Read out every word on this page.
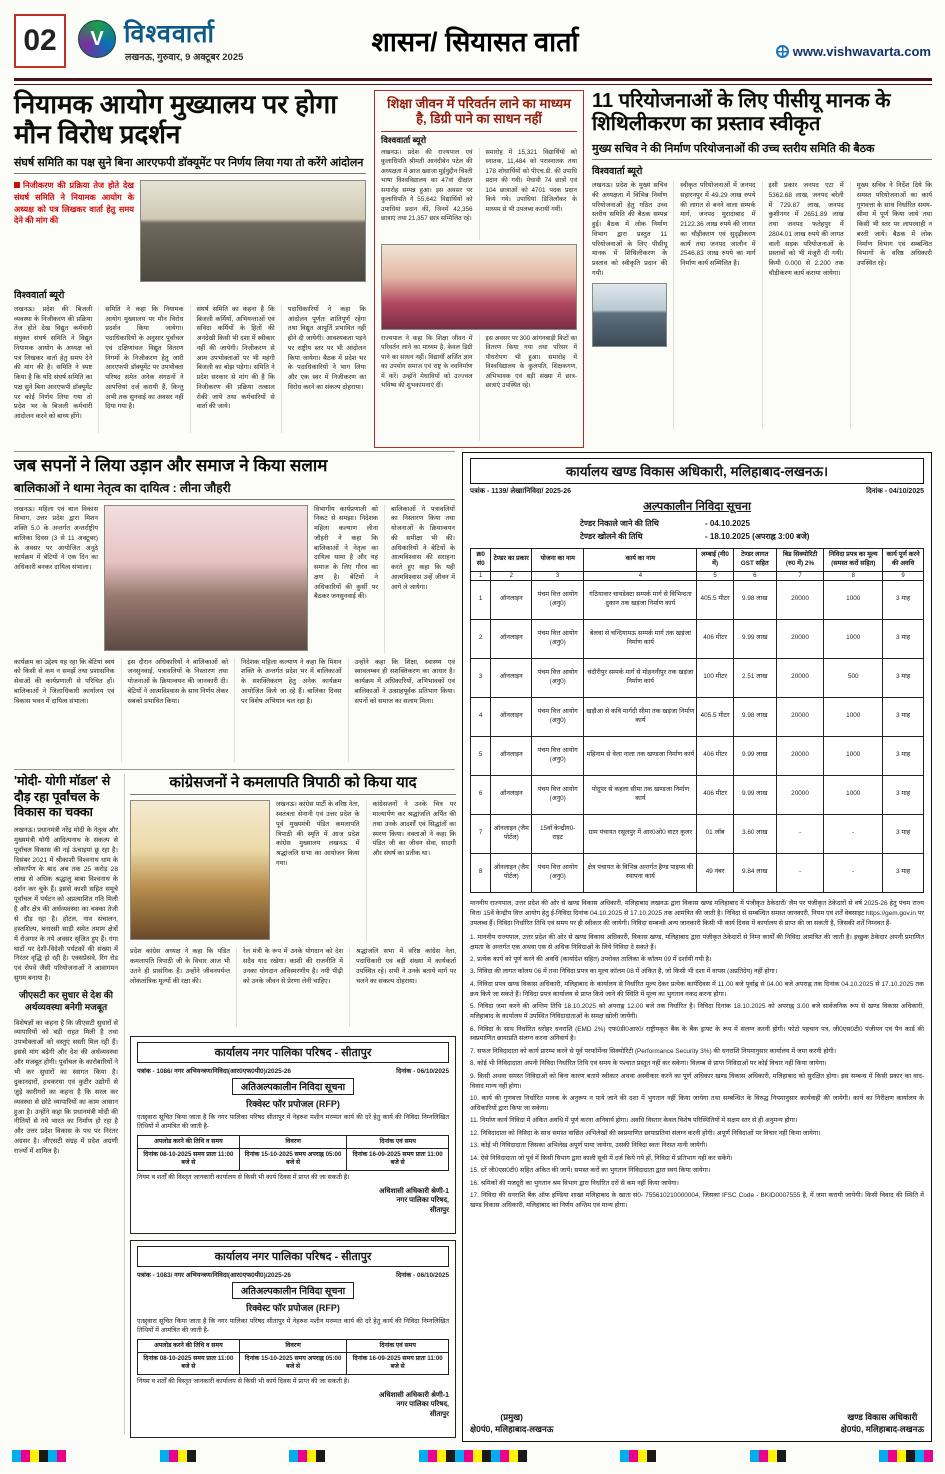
02 V विश्ववार्ता
लखनऊ, गुरुवार, 9 अक्टूबर 2025
शासन/ सियासत वार्ता	www.vishwavarta.com
नियामक आयोग मुख्यालय पर होगा मौन विरोध प्रदर्शन
संघर्ष समिति का पक्ष सुने बिना आरएफपी डॉक्यूमेंट पर निर्णय लिया गया तो करेंगे आंदोलन
निजीकरण की प्रक्रिया तेज होते देख संघर्ष समिति ने नियामक आयोग के अध्यक्ष को पत्र लिखकर वार्ता हेतु समय देने की मांग की
विश्ववार्ता ब्यूरो
लखनऊ। प्रदेश की बिजली व्यवस्था के निजीकरण की प्रक्रिया तेज होते देख विद्युत कर्मचारी संयुक्त संघर्ष समिति ने विद्युत नियामक आयोग के अध्यक्ष को पत्र लिखकर वार्ता हेतु समय देने की मांग की है। समिति ने स्पष्ट किया है कि यदि संघर्ष समिति का पक्ष सुने बिना आरएफपी डॉक्यूमेंट पर कोई निर्णय लिया गया तो प्रदेश भर के बिजली कर्मचारी आंदोलन करने को बाध्य होंगे।
समिति ने कहा कि नियामक आयोग मुख्यालय पर मौन विरोध प्रदर्शन किया जायेगा। पदाधिकारियों के अनुसार पूर्वांचल एवं दक्षिणांचल विद्युत वितरण निगमों के निजीकरण हेतु जारी आरएफपी डॉक्यूमेंट पर उपभोक्ता परिषद समेत अनेक संगठनों ने आपत्तियां दर्ज करायी हैं, किन्तु अभी तक सुनवाई का अवसर नहीं दिया गया है।
संघर्ष समिति का कहना है कि बिजली कर्मियों, अभियन्ताओं एवं संविदा कर्मियों के हितों की अनदेखी किसी भी दशा में स्वीकार नहीं की जायेगी। निजीकरण से आम उपभोक्ताओं पर भी महंगी बिजली का बोझ पड़ेगा। समिति ने प्रदेश सरकार से मांग की है कि निजीकरण की प्रक्रिया तत्काल रोकी जाये तथा कर्मचारियों से वार्ता की जाये।
पदाधिकारियों ने कहा कि आंदोलन पूर्णतः शांतिपूर्ण रहेगा तथा विद्युत आपूर्ति प्रभावित नहीं होने दी जायेगी। आवश्यकता पड़ने पर राष्ट्रीय स्तर पर भी आंदोलन किया जायेगा। बैठक में प्रदेश भर के पदाधिकारियों ने भाग लिया और एक स्वर में निजीकरण का विरोध करने का संकल्प दोहराया।
शिक्षा जीवन में परिवर्तन लाने का माध्यम है, डिग्री पाने का साधन नहीं
विश्ववार्ता ब्यूरो
लखनऊ। प्रदेश की राज्यपाल एवं कुलाधिपति श्रीमती आनंदीबेन पटेल की अध्यक्षता में आज ख्वाजा मुईनुद्दीन चिश्ती भाषा विश्वविद्यालय का 47वां दीक्षांत समारोह सम्पन्न हुआ। इस अवसर पर कुलाधिपति ने 55,642 विद्यार्थियों को उपाधियां प्रदान कीं, जिनमें 42,356 छात्राएं तथा 21,357 छात्र सम्मिलित रहे।
समारोह में 15,321 विद्यार्थियों को स्नातक, 11,484 को परास्नातक तथा 178 शोधार्थियों को पीएच.डी. की उपाधि प्रदान की गयी। मेधावी 74 छात्रों एवं 104 छात्राओं को 4701 पदक प्रदान किये गये। उपाधियां डिजिलॉकर के माध्यम से भी उपलब्ध करायी गयीं।
राज्यपाल ने कहा कि शिक्षा जीवन में परिवर्तन लाने का माध्यम है, केवल डिग्री पाने का साधन नहीं। विद्यार्थी अर्जित ज्ञान का उपयोग समाज एवं राष्ट्र के नवनिर्माण में करें। उन्होंने मेधावियों को उज्ज्वल भविष्य की शुभकामनाएं दीं।
इस अवसर पर 300 आंगनबाड़ी किटों का वितरण किया गया तथा परिसर में पौधरोपण भी हुआ। समारोह में विश्वविद्यालय के कुलपति, शिक्षकगण, अभिभावक एवं बड़ी संख्या में छात्र-छात्राएं उपस्थित रहे।
11 परियोजनाओं के लिए पीसीयू मानक के शिथिलीकरण का प्रस्ताव स्वीकृत
मुख्य सचिव ने की निर्माण परियोजनाओं की उच्च स्तरीय समिति की बैठक
विश्ववार्ता ब्यूरो
लखनऊ। प्रदेश के मुख्य सचिव की अध्यक्षता में विभिन्न निर्माण परियोजनाओं हेतु गठित उच्च स्तरीय समिति की बैठक सम्पन्न हुई। बैठक में लोक निर्माण विभाग द्वारा प्रस्तुत 11 परियोजनाओं के लिए पीसीयू मानक में शिथिलीकरण के प्रस्ताव को स्वीकृति प्रदान की गयी।
स्वीकृत परियोजनाओं में जनपद सहारनपुर में 49.29 लाख रुपये की लागत से बनने वाला सम्पर्क मार्ग, जनपद मुरादाबाद में 2122.36 लाख रुपये की लागत का चौड़ीकरण एवं सुदृढ़ीकरण कार्य तथा जनपद जालौन में 2546.83 लाख रुपये का मार्ग निर्माण कार्य सम्मिलित है।
इसी प्रकार जनपद एटा में 5362.68 लाख, जनपद बरेली में 729.87 लाख, जनपद कुशीनगर में 2651.89 लाख तथा जनपद फतेहपुर में 2804.01 लाख रुपये की लागत वाली सड़क परियोजनाओं के प्रस्तावों को भी मंजूरी दी गयी। किमी 0.000 से 2.200 तक चौड़ीकरण कार्य कराया जायेगा।
मुख्य सचिव ने निर्देश दिये कि समस्त परियोजनाओं का कार्य गुणवत्ता के साथ निर्धारित समय-सीमा में पूर्ण किया जाये तथा किसी भी स्तर पर लापरवाही न बरती जाये। बैठक में लोक निर्माण विभाग एवं सम्बन्धित विभागों के वरिष्ठ अधिकारी उपस्थित रहे।
जब सपनों ने लिया उड़ान और समाज ने किया सलाम
बालिकाओं ने थामा नेतृत्व का दायित्व : लीना जौहरी
लखनऊ। महिला एवं बाल विकास विभाग, उत्तर प्रदेश द्वारा मिशन शक्ति 5.0 के अन्तर्गत अन्तर्राष्ट्रीय बालिका दिवस (3 से 11 अक्टूबर) के अवसर पर आयोजित अनूठे कार्यक्रम में बेटियों ने एक दिन का अधिकारी बनकर दायित्व संभाला।
विभागीय कार्यप्रणाली को निकट से समझा। निदेशक महिला कल्याण लीना जौहरी ने कहा कि बालिकाओं ने नेतृत्व का दायित्व थामा है और यह समाज के लिए गौरव का क्षण है। बेटियों ने अधिकारियों की कुर्सी पर बैठकर जनसुनवाई की।
बालिकाओं ने पत्रावलियों का निस्तारण किया तथा योजनाओं के क्रियान्वयन की समीक्षा भी की। अधिकारियों ने बेटियों के आत्मविश्वास की सराहना करते हुए कहा कि यही आत्मविश्वास उन्हें जीवन में आगे ले जायेगा।
कार्यक्रम का उद्देश्य यह रहा कि बेटियां स्वयं को किसी से कम न समझें तथा प्रशासनिक सेवाओं की कार्यप्रणाली से परिचित हों। बालिकाओं ने जिलाधिकारी कार्यालय एवं विकास भवन में दायित्व संभाला।
इस दौरान अधिकारियों ने बालिकाओं को जनसुनवाई, पत्रावलियों के निस्तारण तथा योजनाओं के क्रियान्वयन की जानकारी दी। बेटियों ने आत्मविश्वास के साथ निर्णय लेकर सबको प्रभावित किया।
निदेशक महिला कल्याण ने कहा कि मिशन शक्ति के अन्तर्गत प्रदेश भर में बालिकाओं के सशक्तिकरण हेतु अनेक कार्यक्रम आयोजित किये जा रहे हैं। बालिका दिवस पर विशेष अभियान चल रहा है।
उन्होंने कहा कि शिक्षा, स्वास्थ्य एवं स्वावलम्बन ही सशक्तिकरण का आधार है। कार्यक्रम में अधिकारियों, अभिभावकों एवं बालिकाओं ने उत्साहपूर्वक प्रतिभाग किया। सपनों को समाज का सलाम मिला।
'मोदी- योगी मॉडल' से दौड़ रहा पूर्वांचल के विकास का चक्का
लखनऊ। प्रधानमंत्री नरेंद्र मोदी के नेतृत्व और मुख्यमंत्री योगी आदित्यनाथ के संकल्प से पूर्वांचल विकास की नई ऊंचाइयां छू रहा है। दिसंबर 2021 में श्रीकाशी विश्वनाथ धाम के लोकार्पण के बाद अब तक 25 करोड़ 28 लाख से अधिक श्रद्धालु बाबा विश्वनाथ के दर्शन कर चुके हैं। इससे काशी सहित समूचे पूर्वांचल में पर्यटन को अप्रत्याशित गति मिली है और क्षेत्र की अर्थव्यवस्था का चक्का तेजी से दौड़ रहा है। होटल, नाव संचालन, हस्तशिल्प, बनारसी साड़ी समेत तमाम क्षेत्रों में रोजगार के नये अवसर सृजित हुए हैं। गंगा घाटों पर देशी-विदेशी पर्यटकों की संख्या में निरंतर वृद्धि हो रही है। एक्सप्रेसवे, रिंग रोड एवं रोपवे जैसी परियोजनाओं ने आवागमन सुगम बनाया है।
जीएसटी कर सुधार से देश की अर्थव्यवस्था बनेगी मजबूत
विशेषज्ञों का कहना है कि जीएसटी सुधारों से व्यापारियों को बड़ी राहत मिली है तथा उपभोक्ताओं को वस्तुएं सस्ती मिल रही हैं। इससे मांग बढ़ेगी और देश की अर्थव्यवस्था और मजबूत होगी। पूर्वांचल के कारोबारियों ने भी कर सुधारों का स्वागत किया है। दुकानदारों, हथकरघा एवं कुटीर उद्योगों से जुड़े कारीगरों का कहना है कि सरल कर व्यवस्था से छोटे व्यापारियों का काम आसान हुआ है। उन्होंने कहा कि प्रधानमंत्री मोदी की नीतियों से नये भारत का निर्माण हो रहा है और उत्तर प्रदेश विकास के पथ पर निरंतर अग्रसर है। जीएसटी संग्रह में प्रदेश अग्रणी राज्यों में शामिल है।
कांग्रेसजनों ने कमलापति त्रिपाठी को किया याद
लखनऊ। कांग्रेस पार्टी के वरिष्ठ नेता, स्वतंत्रता सेनानी एवं उत्तर प्रदेश के पूर्व मुख्यमंत्री पंडित कमलापति त्रिपाठी की स्मृति में आज प्रदेश कांग्रेस मुख्यालय लखनऊ में श्रद्धांजलि सभा का आयोजन किया गया।
कांग्रेसजनों ने उनके चित्र पर माल्यार्पण कर श्रद्धांजलि अर्पित की तथा उनके आदर्शों एवं सिद्धांतों का स्मरण किया। वक्ताओं ने कहा कि पंडित जी का जीवन सेवा, सादगी और संघर्ष का प्रतीक था।
प्रदेश कांग्रेस अध्यक्ष ने कहा कि पंडित कमलापति त्रिपाठी जी के विचार आज भी उतने ही प्रासंगिक हैं। उन्होंने जीवनपर्यन्त लोकतांत्रिक मूल्यों की रक्षा की।
रेल मंत्री के रूप में उनके योगदान को देश सदैव याद रखेगा। काशी की राजनीति में उनका योगदान अविस्मरणीय है। नयी पीढ़ी को उनके जीवन से प्रेरणा लेनी चाहिए।
श्रद्धांजलि सभा में वरिष्ठ कांग्रेस नेता, पदाधिकारी एवं बड़ी संख्या में कार्यकर्ता उपस्थित रहे। सभी ने उनके बताये मार्ग पर चलने का संकल्प दोहराया।
कार्यालय नगर पालिका परिषद - सीतापुर
पत्रांक - 1086/ नगर अभियन्त्रण/निविदा(आर0एफ0पी0)/2025-26	दिनांक - 06/10/2025
अतिअल्पकालीन निविदा सूचना
रिक्वेस्ट फॉर प्रपोजल (RFP)
एतद्द्वारा सूचित किया जाता है कि नगर पालिका परिषद सीतापुर में नेहरुश मशीन मरम्मत कार्य की दरें हेतु कार्य की निविदा निम्नलिखित तिथियों में आमंत्रित की जाती है-
अपलोड करने की तिथि व समय	विवरण	दिनांक एवं समय
दिनांक 08-10-2025 समय प्रातः 11:00 बजे से	दिनांक 15-10-2025 समय अपराह्न 05:00 बजे से	दिनांक 16-09-2025 समय प्रातः 11:00 बजे से
नियम व शर्तों की विस्तृत जानकारी कार्यालय से किसी भी कार्य दिवस में प्राप्त की जा सकती है।
अधिशासी अधिकारी श्रेणी-1
नगर पालिका परिषद,
सीतापुर
कार्यालय नगर पालिका परिषद - सीतापुर
पत्रांक - 1083/ नगर अभियन्त्रण/निविदा(आर0एफ0पी0)/2025-26	दिनांक - 06/10/2025
अतिअल्पकालीन निविदा सूचना
रिक्वेस्ट फॉर प्रपोजल (RFP)
एतद्द्वारा सूचित किया जाता है कि नगर पालिका परिषद सीतापुर में नेहरुश मशीन मरम्मत कार्य की दरें हेतु कार्य की निविदा निम्नलिखित तिथियों में आमंत्रित की जाती है-
अपलोड करने की तिथि व समय	विवरण	दिनांक एवं समय
दिनांक 08-10-2025 समय प्रातः 11:00 बजे से	दिनांक 15-10-2025 समय अपराह्न 05:00 बजे से	दिनांक 16-09-2025 समय प्रातः 11:00 बजे से
नियम व शर्तों की विस्तृत जानकारी कार्यालय से किसी भी कार्य दिवस में प्राप्त की जा सकती है।
अधिशासी अधिकारी श्रेणी-1
नगर पालिका परिषद,
सीतापुर
कार्यालय खण्ड विकास अधिकारी, मलिहाबाद-लखनऊ।
पत्रांक - 1139/ लेखा/निविदा/ 2025-26	दिनांक - 04/10/2025
अल्पकालीन निविदा सूचना
टेण्डर निकाले जाने की तिथि	- 04.10.2025
टेण्डर खोलने की तिथि	- 18.10.2025 (अपराह्न 3:00 बजे)
क्र0 सं0	टेण्डर का प्रकार	योजना का नाम	कार्य का नाम	लम्बाई (मी0 में)	टेण्डर लागत GST सहित	बिड सिक्योरिटी (रु0 में) 2%	निविदा प्रपत्र का मूल्य (समस्त करों सहित)	कार्य पूर्ण करने की अवधि
1	2	3	4	5	6	7	8	9
1	ऑनलाइन	पंचम वित्त आयोग (अनु0)	गंठियावार चायडेक्टा सम्पर्क मार्ग से विभिन्दता दुकान तक खड़ंजा निर्माण कार्य	405.5 मीटर	9.98 लाख	20000	1000	3 माह
2	ऑनलाइन	पंचम वित्त आयोग (अनु0)	बेलवा से चन्दियामऊ सम्पर्क मार्ग तक खड़ंजा निर्माण कार्य	406 मीटर	9.99 लाख	20000	1000	3 माह
3	ऑनलाइन	पंचम वित्त आयोग (अनु0)	चंदौरीपुर सम्पर्क मार्ग से मोहननीपुर तक खड़ंजा निर्माण कार्य	100 मीटर	2.51 लाख	20000	500	3 माह
4	ऑनलाइन	पंचम वित्त आयोग (अनु0)	खड़ौआ से कवि मार्गदी सीमा तक खड़ंजा निर्माण कार्य	405.5 मीटर	9.98 लाख	20000	1000	3 माह
5	ऑनलाइन	पंचम वित्त आयोग (अनु0)	महिनाम से वेला नाला तक खण्डजा निर्माण कार्य	406 मीटर	9.99 लाख	20000	1000	3 माह
6	ऑनलाइन	पंचम वित्त आयोग (अनु0)	पोदूपर से कहला सीमा तक खण्डजा निर्माण कार्य	406 मीटर	9.99 लाख	20000	1000	3 माह
7	ऑनलाइन (जैम पोर्टल)	15वाँ केन्द्रीय0- राइट	ग्राम पंचायत रसूलपुर में आर0ओ0 वाटर कूलर	01 जॉब	3.60 लाख	-	-	3 माह
8	ऑनलाइन (जैम पोर्टल)	पंचम वित्त आयोग (अनु0)	क्षेत्र पंचायत के विभिन्न अन्तर्गत हैण्ड पाइप्स की स्थापना कार्य	49 नंबर	9.84 लाख	-	-	3 माह

माननीय राज्यपाल, उत्तर प्रदेश की ओर से खण्ड विकास अधिकारी, मलिहाबाद लखनऊ द्वारा विकास खण्ड मलिहाबाद में पंजीकृत ठेकेदारों/ जैम पर पंजीकृत ठेकेदारों से वर्ष 2025-26 हेतु पंचम राज्य वित्त/ 15वें केन्द्रीय वित्त आयोग हेतु ई-निविदा दिनांक 04.10.2025 से 17.10.2025 तक आमंत्रित की जाती है। निविदा से सम्बन्धित समस्त जानकारी, नियम एवं शर्तें वेबसाइट https://gem.gov.in पर उपलब्ध हैं। निविदा निर्धारित तिथि एवं समय पर ही स्वीकार की जायेगी। निविदा सम्बन्धी अन्य जानकारी किसी भी कार्य दिवस में कार्यालय से प्राप्त की जा सकती है, जिसकी शर्तें निम्नवत हैं-

1. माननीय राज्यपाल, उत्तर प्रदेश की ओर से खण्ड विकास अधिकारी, विकास खण्ड, मलिहाबाद द्वारा पंजीकृत ठेकेदारों से निम्न कार्यों की निविदा आमंत्रित की जाती है। इच्छुक ठेकेदार अपनी प्रमाणित क्षमता के अन्तर्गत एक अथवा एक से अधिक निविदाओं के लिये निविदा दे सकते हैं।

2. प्रत्येक कार्य को पूर्ण करने की अवधि (कार्यादेश सहित) उपरोक्त तालिका के कॉलम 09 में दर्शायी गयी है।

3. निविदा की लागत कॉलम 06 में तथा निविदा प्रपत्र का मूल्य कॉलम 08 में अंकित है, जो किसी भी दशा में वापस (अप्रतिदेय) नहीं होगा।

4. निविदा प्रपत्र खण्ड विकास अधिकारी, मलिहाबाद के कार्यालय से निर्धारित मूल्य देकर प्रत्येक कार्यदिवस में 11.00 बजे पूर्वाह्न से 04.00 बजे अपराह्न तक दिनांक 04.10.2025 से 17.10.2025 तक क्रय किये जा सकते हैं। निविदा प्रपत्र कार्यालय से प्राप्त किये जाने की स्थिति में मूल्य का भुगतान नकद करना होगा।

5. निविदा जमा करने की अन्तिम तिथि 18.10.2025 को अपराह्न 12.00 बजे तक निर्धारित है। निविदा दिनांक 18.10.2025 को अपराह्न 3.00 बजे सार्वजनिक रूप से खण्ड विकास अधिकारी, मलिहाबाद के कार्यालय में उपस्थित निविदादाताओं के समक्ष खोली जायेंगी।

6. निविदा के साथ निर्धारित धरोहर धनराशि (EMD 2%) एफ0डी0आर0/ राष्ट्रीयकृत बैंक के बैंक ड्राफ्ट के रूप में संलग्न करनी होगी। फोटो पहचान पत्र, जी0एस0टी0 पंजीयन एवं पैन कार्ड की स्वप्रमाणित छायाप्रति संलग्न करना अनिवार्य है।

7. सफल निविदादाता को कार्य प्रारम्भ करने से पूर्व परफॉर्मेन्स सिक्योरिटी (Performance Security 3%) की धनराशि नियमानुसार कार्यालय में जमा करनी होगी।

8. कोई भी निविदादाता अपनी निविदा निर्धारित तिथि एवं समय के पश्चात प्रस्तुत नहीं कर सकेगा। विलम्ब से प्राप्त निविदाओं पर कोई विचार नहीं किया जायेगा।

9. किसी अथवा समस्त निविदाओं को बिना कारण बताये स्वीकार अथवा अस्वीकार करने का पूर्ण अधिकार खण्ड विकास अधिकारी, मलिहाबाद को सुरक्षित होगा। इस सम्बन्ध में किसी प्रकार का वाद-विवाद मान्य नहीं होगा।

10. कार्य की गुणवत्ता निर्धारित मानक के अनुरूप न पाये जाने की दशा में भुगतान नहीं किया जायेगा तथा सम्बन्धित के विरुद्ध नियमानुसार कार्यवाही की जायेगी। कार्य का निरीक्षण कार्यालय के अधिकारियों द्वारा किया जा सकेगा।

11. निर्माण कार्य निविदा में अंकित अवधि में पूर्ण करना अनिवार्य होगा। अवधि विस्तार केवल विशेष परिस्थितियों में सक्षम स्तर से ही अनुमन्य होगा।

12. निविदादाता को निविदा के साथ समस्त वांछित अभिलेखों की स्वप्रमाणित छायाप्रतियां संलग्न करनी होंगी। अपूर्ण निविदाओं पर विचार नहीं किया जायेगा।

13. कोई भी निविदादाता जिसका अभिलेख अपूर्ण पाया जायेगा, उसकी निविदा स्वतः निरस्त मानी जायेगी।

14. ऐसे निविदादाता जो पूर्व में किसी विभाग द्वारा काली सूची में दर्ज किये गये हों, निविदा में प्रतिभाग नहीं कर सकेंगे।

15. दरें जी0एस0टी0 सहित अंकित की जायें। समस्त करों का भुगतान निविदादाता द्वारा स्वयं किया जायेगा।

16. श्रमिकों की मजदूरी का भुगतान श्रम विभाग द्वारा निर्धारित दरों से कम नहीं किया जायेगा।

17. निविदा की धनराशि बैंक ऑफ इण्डिया शाखा मलिहाबाद के खाता सं0- 755610210000004, जिसका IFSC Code - BKID0007555 है, में जमा करायी जायेगी। किसी विवाद की स्थिति में खण्ड विकास अधिकारी, मलिहाबाद का निर्णय अन्तिम एवं मान्य होगा।

(प्रमुख)
क्षे0पं0, मलिहाबाद-लखनऊ
खण्ड विकास अधिकारी
क्षे0पं0, मलिहाबाद-लखनऊ
